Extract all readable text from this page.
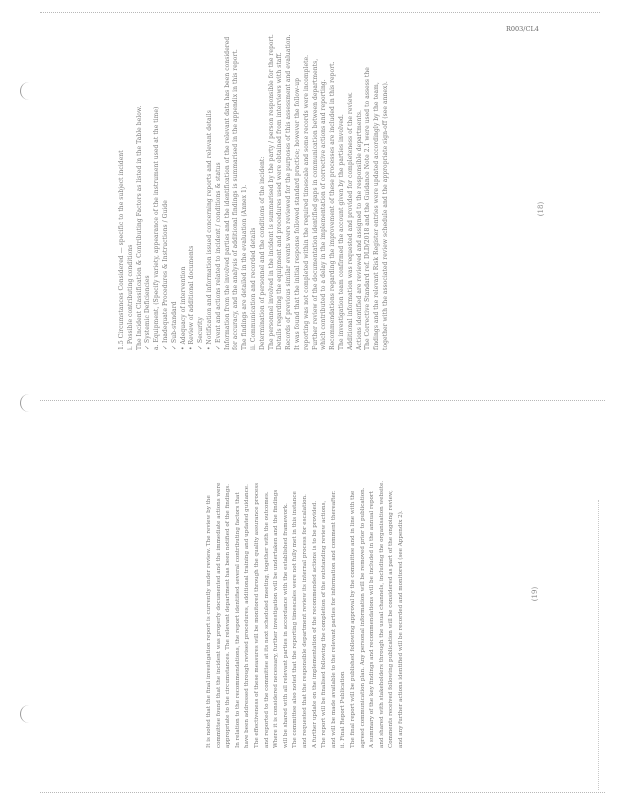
R003/CL4
1.5 Circumstances Considered — specific to the subject incident i. Possible contributing conditions The Incident Classification & Contributing Factors as listed in the Table below. ✓ Systemic Deficiencies a. Equipment, (Specify variety, appearance of the instrument used at the time) ✓ Inadequate Procedures & Instructions / Guide ✓ Sub-standard • Adequacy of intervention • Review of additional documents ✓ Security • Notification and information issued concerning reports and relevant details ✓ Event and actions related to incident / conditions & status Information from the involved parties and the identification of the relevant data has been considered for accuracy, and the analysis of additional findings is summarised in the appendix in this report. The findings are detailed in the evaluation (Annex 1). ii. Communication and recorded details Determination of personnel and the conditions of the incident: The personnel involved in the incident is summarised by the party / person responsible for the report. Details regarding the equipment and procedures used were obtained from interviews with staff. Records of previous similar events were reviewed for the purposes of this assessment and evaluation. It was found that the initial response followed standard practice; however the follow-up reporting was not completed within the required timescale and some records were incomplete. Further review of the documentation identified gaps in communication between departments, which contributed to a delay in the implementation of corrective actions and reporting. Recommendations regarding the improvement of these processes are included in this report. The investigation team confirmed the account given by the parties involved. Additional information was requested and provided for completeness of the review. Actions identified are reviewed and assigned to the responsible departments. The Corrective Standard ref. DLD/2018 and the Guidance Note 2.1 were used to assess the findings and the relevant Risk Register entries were updated accordingly by the team, together with the associated review schedule and the appropriate sign-off (see annex).	(18)
It is noted that the final investigation report is currently under review. The review by the committee found that the incident was properly documented and the immediate actions were appropriate to the circumstances. The relevant department has been notified of the findings. In relation to the recommendations, the report identified several contributing factors that have been addressed through revised procedures, additional training and updated guidance. The effectiveness of these measures will be monitored through the quality assurance process and reported to the committee at its next scheduled meeting, together with the outcomes. Where it is considered necessary, further investigation will be undertaken and the findings will be shared with all relevant parties in accordance with the established framework. The committee also noted that the reporting timescales were not fully met in this instance and requested that the responsible department review its internal process for escalation. A further update on the implementation of the recommended actions is to be provided. The report will be finalised following the completion of the outstanding review actions, and will be made available to the relevant parties for information and comment thereafter. ii. Final Report Publication The final report will be published following approval by the committee and in line with the agreed communication plan. Any personal information will be removed prior to publication. A summary of the key findings and recommendations will be included in the annual report and shared with stakeholders through the usual channels, including the organisation website. Comments received following publication will be considered as part of the ongoing review, and any further actions identified will be recorded and monitored (see Appendix 2).	(19)
